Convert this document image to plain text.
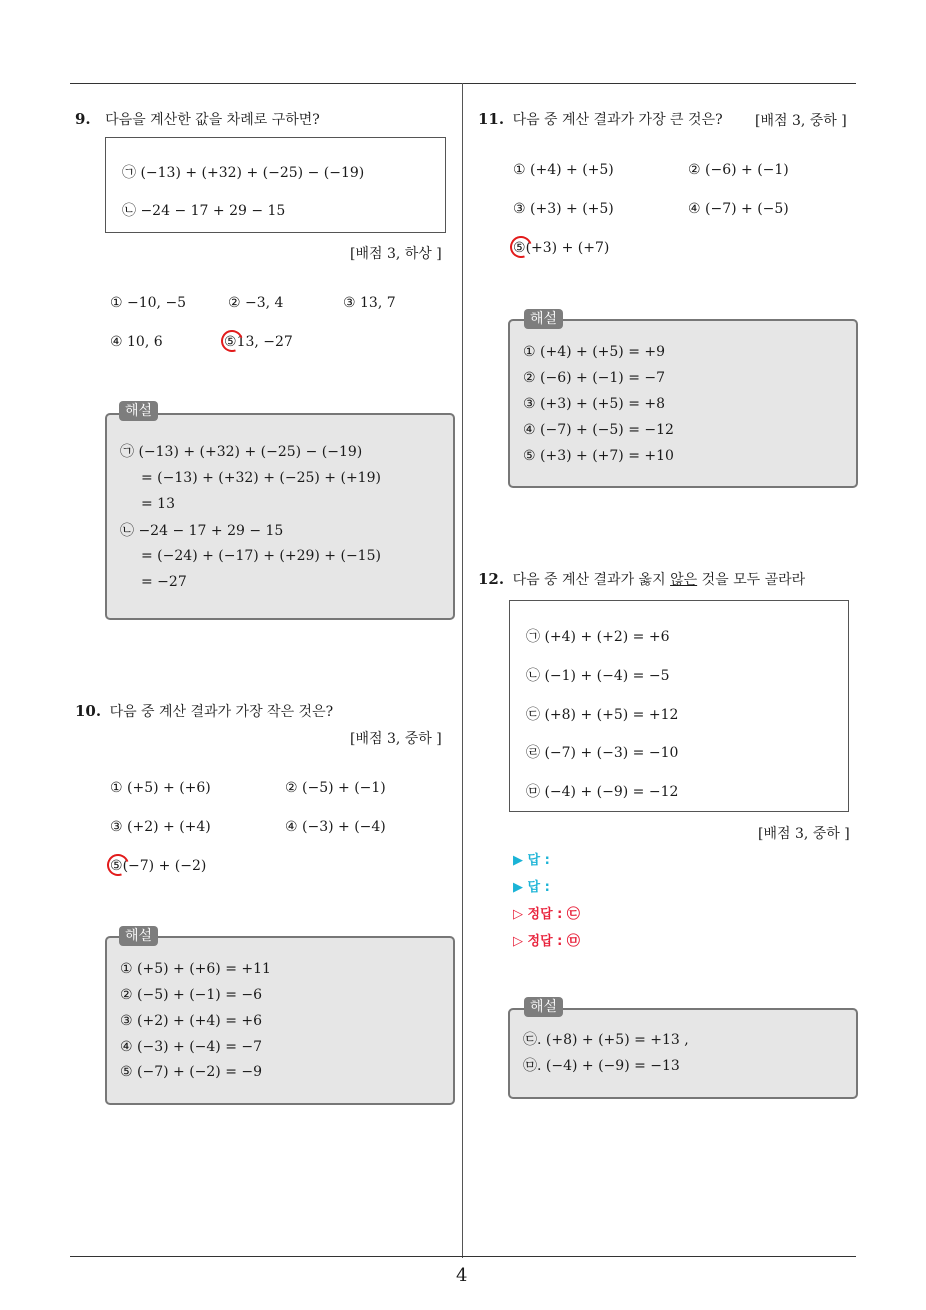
4
9. 다음을 계산한 값을 차례로 구하면?
㉠ (−13) + (+32) + (−25) − (−19)
㉡ −24 − 17 + 29 − 15
[배점 3, 하상 ]
① −10, −5	② −3, 4	③ 13, 7
④ 10, 6	⑤13, −27
㉠ (−13) + (+32) + (−25) − (−19)
= (−13) + (+32) + (−25) + (+19)
= 13
㉡ −24 − 17 + 29 − 15
= (−24) + (−17) + (+29) + (−15)
= −27
해설
10. 다음 중 계산 결과가 가장 작은 것은?
[배점 3, 중하 ]
① (+5) + (+6)	② (−5) + (−1)
③ (+2) + (+4)	④ (−3) + (−4)
⑤(−7) + (−2)
① (+5) + (+6) = +11
② (−5) + (−1) = −6
③ (+2) + (+4) = +6
④ (−3) + (−4) = −7
⑤ (−7) + (−2) = −9
해설
11. 다음 중 계산 결과가 가장 큰 것은? [배점 3, 중하 ]
① (+4) + (+5)	② (−6) + (−1)
③ (+3) + (+5)	④ (−7) + (−5)
⑤(+3) + (+7)
① (+4) + (+5) = +9
② (−6) + (−1) = −7
③ (+3) + (+5) = +8
④ (−7) + (−5) = −12
⑤ (+3) + (+7) = +10
해설
12. 다음 중 계산 결과가 옳지 않은 것을 모두 골라라
㉠ (+4) + (+2) = +6
㉡ (−1) + (−4) = −5
㉢ (+8) + (+5) = +12
㉣ (−7) + (−3) = −10
㉤ (−4) + (−9) = −12
[배점 3, 중하 ]
▶ 답 :
▶ 답 :
▷ 정답 : ㉢
▷ 정답 : ㉤
㉢. (+8) + (+5) = +13 ,
㉤. (−4) + (−9) = −13
해설
